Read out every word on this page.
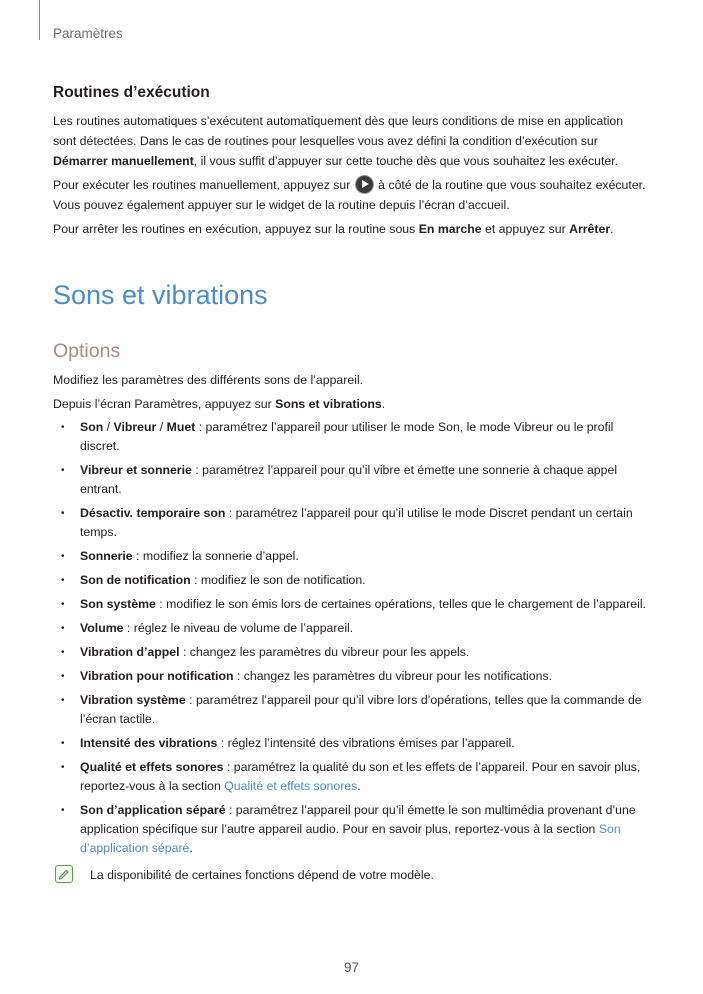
Paramètres
Routines d’exécution

Les routines automatiques s’exécutent automatiquement dès que leurs conditions de mise en application sont détectées. Dans le cas de routines pour lesquelles vous avez défini la condition d’exécution sur Démarrer manuellement, il vous suffit d’appuyer sur cette touche dès que vous souhaitez les exécuter.

Pour exécuter les routines manuellement, appuyez sur  à côté de la routine que vous souhaitez exécuter. Vous pouvez également appuyer sur le widget de la routine depuis l’écran d’accueil.

Pour arrêter les routines en exécution, appuyez sur la routine sous En marche et appuyez sur Arrêter.

Sons et vibrations
Options

Modifiez les paramètres des différents sons de l’appareil.

Depuis l’écran Paramètres, appuyez sur Sons et vibrations.

• Son / Vibreur / Muet : paramétrez l’appareil pour utiliser le mode Son, le mode Vibreur ou le profil discret.
• Vibreur et sonnerie : paramétrez l’appareil pour qu’il vibre et émette une sonnerie à chaque appel entrant.
• Désactiv. temporaire son : paramétrez l’appareil pour qu’il utilise le mode Discret pendant un certain temps.
• Sonnerie : modifiez la sonnerie d’appel.
• Son de notification : modifiez le son de notification.
• Son système : modifiez le son émis lors de certaines opérations, telles que le chargement de l’appareil.
• Volume : réglez le niveau de volume de l’appareil.
• Vibration d’appel : changez les paramètres du vibreur pour les appels.
• Vibration pour notification : changez les paramètres du vibreur pour les notifications.
• Vibration système : paramétrez l’appareil pour qu’il vibre lors d’opérations, telles que la commande de l’écran tactile.
• Intensité des vibrations : réglez l’intensité des vibrations émises par l’appareil.
• Qualité et effets sonores : paramétrez la qualité du son et les effets de l’appareil. Pour en savoir plus, reportez-vous à la section Qualité et effets sonores.
• Son d’application séparé : paramétrez l’appareil pour qu’il émette le son multimédia provenant d’une application spécifique sur l’autre appareil audio. Pour en savoir plus, reportez-vous à la section Son d’application séparé.
La disponibilité de certaines fonctions dépend de votre modèle.
97
